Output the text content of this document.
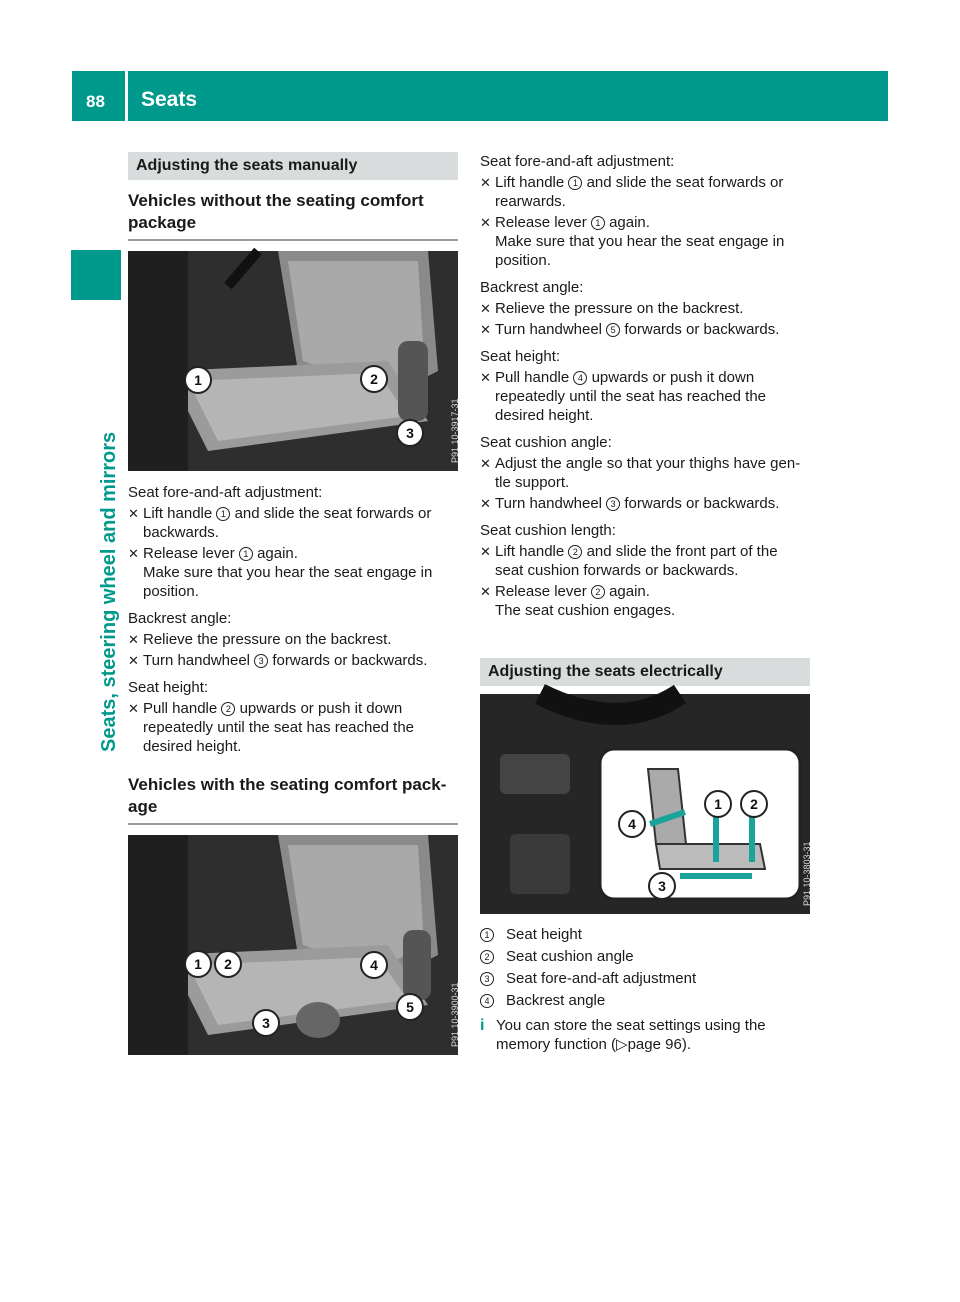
88 Seats
Seats, steering wheel and mirrors
Adjusting the seats manually
Vehicles without the seating comfort package
1	2
3	P91.10-3917-31

Seat fore-and-aft adjustment:

✕ Lift handle 1 and slide the seat forwards or backwards.
✕ Release lever 1 again.
Make sure that you hear the seat engage in position.

Backrest angle:

✕ Relieve the pressure on the backrest.
✕ Turn handwheel 3 forwards or backwards.

Seat height:

✕ Pull handle 2 upwards or push it down repeatedly until the seat has reached the desired height.
Vehicles with the seating comfort pack- age
1	2
3
4
5	P91.10-3900-31

Seat fore-and-aft adjustment:

✕ Lift handle 1 and slide the seat forwards or rearwards.
✕ Release lever 1 again.
Make sure that you hear the seat engage in position.

Backrest angle:

✕ Relieve the pressure on the backrest.
✕ Turn handwheel 5 forwards or backwards.

Seat height:

✕ Pull handle 4 upwards or push it down repeatedly until the seat has reached the desired height.

Seat cushion angle:

✕ Adjust the angle so that your thighs have gen- tle support.
✕ Turn handwheel 3 forwards or backwards.

Seat cushion length:

✕ Lift handle 2 and slide the front part of the seat cushion forwards or backwards.
✕ Release lever 2 again.
The seat cushion engages.
Adjusting the seats electrically
1	2
3
4
P91.10-3803-31
1	Seat height
2	Seat cushion angle
3	Seat fore-and-aft adjustment
4	Backrest angle
i You can store the seat settings using the memory function (▷page 96).
